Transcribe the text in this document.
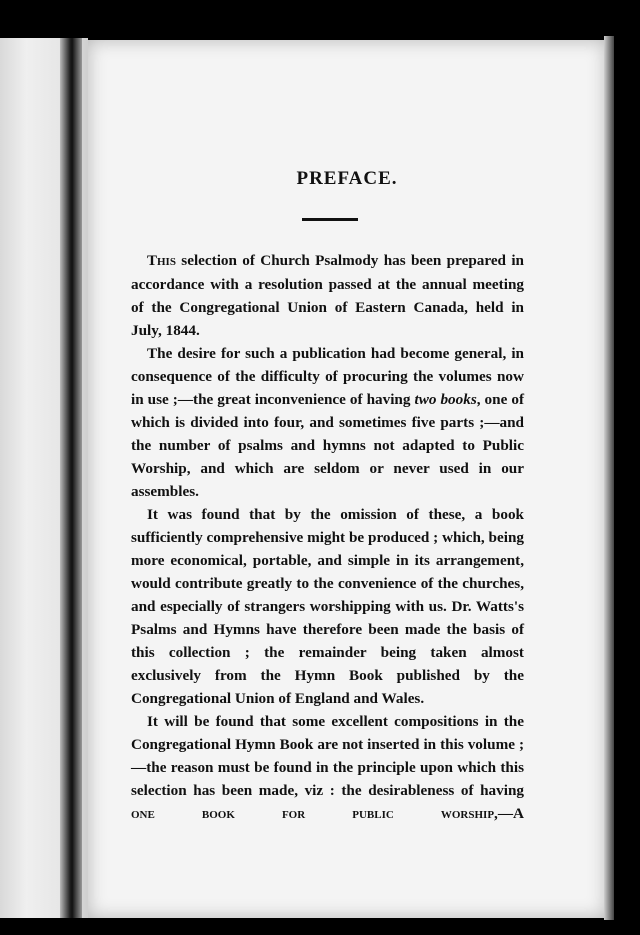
PREFACE.

This selection of Church Psalmody has been prepared in accordance with a resolution passed at the annual meeting of the Congregational Union of Eastern Canada, held in July, 1844.

The desire for such a publication had become general, in consequence of the difficulty of procuring the volumes now in use ;—the great inconvenience of having two books, one of which is divided into four, and sometimes five parts ;—and the number of psalms and hymns not adapted to Public Worship, and which are seldom or never used in our assembles.

It was found that by the omission of these, a book sufficiently comprehensive might be produced ; which, being more economical, portable, and simple in its arrangement, would contribute greatly to the convenience of the churches, and especially of strangers worshipping with us. Dr. Watts's Psalms and Hymns have therefore been made the basis of this collection ; the remainder being taken almost exclusively from the Hymn Book published by the Congregational Union of England and Wales.

It will be found that some excellent compositions in the Congregational Hymn Book are not inserted in this volume ;—the reason must be found in the principle upon which this selection has been made, viz : the desirableness of having one book for public worship,—A
